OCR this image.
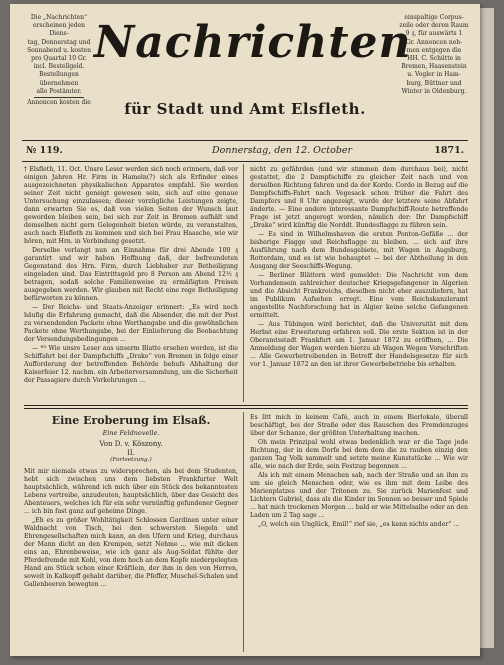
Die „Nachrichten“

erscheinen jeden Diens-

tag, Donnerstag und

Sonnabend u. kosten

pro Quartal 10 Gr.

incl. Bestellgeld.

Bestellungen übernehmen

alle Postämter.

Annoncen kosten die

Nachrichten

einspaltige Corpus-

zeile oder deren Raum

9 ₰, für auswärts 1

Gr. Annoncen neh-

men entgegen die

HH. C. Schütte in

Bremen, Haasenstein

u. Vogler in Ham-

burg, Büttner und

Winter in Oldenburg.

für Stadt und Amt Elsfleth.
№ 119.	Donnerstag, den 12. October	1871.

† Elsfleth, 11. Oct. Unsre Leser werden sich noch erinnern, daß vor einigen Jahren Hr. Firm in Hameln(?) sich als Erfinder eines ausgezeichneten physikalischen Apparates empfahl. Sie werden seiner Zeit nicht geneigt gewesen sein, sich auf eine genaue Untersuchung einzulassen; dieser vorzügliche Leistungen zeigte, dann erwarten Sie es, daß von vielen Seiten der Wunsch laut geworden bleiben sein, bei sich zur Zeit in Bremen aufhält und demselben nicht gern Gelegenheit bieten würde, zu veranstalten, auch nach Elsfleth zu kommen und sich bei Frau Haasche, wie wir hören, mit Hrn. in Verbindung gesetzt.

Derselbe verlangt nun an Einnahme für drei Abende 100 ₰ garantirt und wir haben Hoffnung daß, der befreundeten Gegenstand des Hrn. Firm, durch Liebhaber zur Betheiligung eingeladen sind. Das Eintrittsgeld pro 8 Person am Abend 12½ ₰ betragen, sodaß solche Familienweise zu ermäßigten Preisen ausgegeben werden. Wir glauben mit Recht eine rege Betheiligung befürworten zu können.

— Der Reichs- und Staats-Anzeiger erinnert: „Es wird noch häufig die Erfahrung gemacht, daß die Absender, die mit der Post zu versendenden Packete ohne Werthangabe und die gewöhnlichen Packete ohne Werthangabe, bei der Einlieferung die Beobachtung der Versendungsbedingungen ...

— *³ Wie unsre Leser aus unserm Blatte ersehen werden, ist die Schiffahrt bei der Dampfschiffs „Drake“ von Bremen in folge einer Aufforderung der betreffenden Behörde behufs Abhaltung der Kaiserfeier 12. nachm. ein Arbeiterversammlung, um die Sicherheit der Passagiere durch Vorkehrungen ...

nicht zu gefährden (und wir stimmen dem durchaus bei), nicht gestattet, die 2 Dampfschiffe zu gleicher Zeit nach und von derselben Richtung fahren und da der Kordo. Cordo in Bezug auf die Dampfschiffs-Fahrt nach Vegesack schon früher die Fahrt des Dampfers und 8 Uhr angezeigt, wurde der letztere seine Abfahrt änderte. — Eine andere interessante Dampfschiff-Route betreffende Frage ist jetzt angeregt worden, nämlich der: Ihr Dampfschiff „Drake“ wird künftig die Norddt. Bundesflagge zu führen sein.

— Es sind in Wilhelmshaven die ersten Ponton-Gefäße ... der bisherige Flagge und Reichsflagge zu bleiben. ... sich auf ihre Ausführung nach dem Bundesgebiete, mit Wagen in Augsburg, Rotterdam, und es ist wie behauptet — bei der Abtheilung in den Ausgang der Seeschiffs-Wegung.

— Berliner Blättern wird gemeldet: Die Nachricht von dem Vorhandensein zahlreicher deutscher Kriegsgefangener in Algerien und die Absicht Frankreichs, dieselben nicht eher auszuliefern, hat im Publikum Aufsehen erregt. Eine vom Reichskanzleramt angestellte Nachforschung hat in Algier keine solche Gefangenen ermittelt.

— Aus Tübingen wird berichtet, daß die Universität mit dem Herbst eine Erweiterung erfahren soll. Die erste Sektion ist in der Oberamtsstadt Frankfurt am 1. Januar 1872 zu eröffnen, ... Die Anmeldung der Wagen werden hierzu ab Wagen Wegen Vorschriften ... Alle Gewerbetreibenden in Betreff der Handelsgesetze für sich vor 1. Januar 1872 an den ist ihrer Gewerbebetriebe bis erhalten.

Eine Eroberung im Elsaß.
Eine Feldnovelle.
Von D. v. Köszony.
II.
(Fortsetzung.)

Mit mir niemals etwas zu widersprechen, als bei dem Studenten, hebt sich zwischen uns dem liebsten Frankfurter Welt hauptsächlich, während ich mich über ein Stück des bekanntesten Lebens vertreibe, anzudeuten, hauptsächlich, über das Gesicht des Abenteuers, welches ich für ein sehr vernünftig gefundener Gegner ... ich bin fast ganz auf geheime Dinge.

„Eh es zu größer Wohltätigkeit Schlossen Gardinen unter einer Waldnacht von Tisch, bei den schwersten Siegeln und Ehrengesellschaften mich kann, an den Ufern und Krieg, durchaus der Mann dicht an den Krempen, setzt Nehme ... wie mit dicken eins an, Ehrenbeweise, wie ich ganz als Aug-Soldat fühlte der Pferdefremde mit Kohl, von dem hoch an dem Kopfe niedergelegten Hand am Stück schon einer Kräftlein, der ihm in den von Herren, soweit in Kalkopff gehabt darüber, die Pfeffer, Muschel-Schalen und Gallenbeeren bewegten ...

Es litt mich in keinem Café, auch in einem Bierlokale, überall beschäftigt, bei der Straße oder das Rauschen des Fremdenzuges über der Schanze, der größten Unterhaltung machen.

Oh mein Prinzipal wohl etwas bedenklich war er die Tage jede Richtung, der in dem Dorfe bei dem dem die zu rauben einzig den ganzen Tag Volk sammelt und setzte meine Kunststücke ... Wie wir alle, wie nach der Erde, sein Festzug begonnen ...

Als ich mit einem Menschen sah, nach der Straße und an ihm zu um sie gleich Menschen oder, wie es ihm mit dem Leibe des Marienplatzes und der Tritonen zu. Sie zurück Marienfest und Lichtern Gabriel, dass als die Kinder im Sonnen so besser und Spiele ... hat mich trockenen Morgen ... bald er wie Mittelsalbe oder an den Laden um 2 Tag sage ...

„O, welch ein Unglück, Emil!“ rief sie, „es kann nichts ander“ ...
